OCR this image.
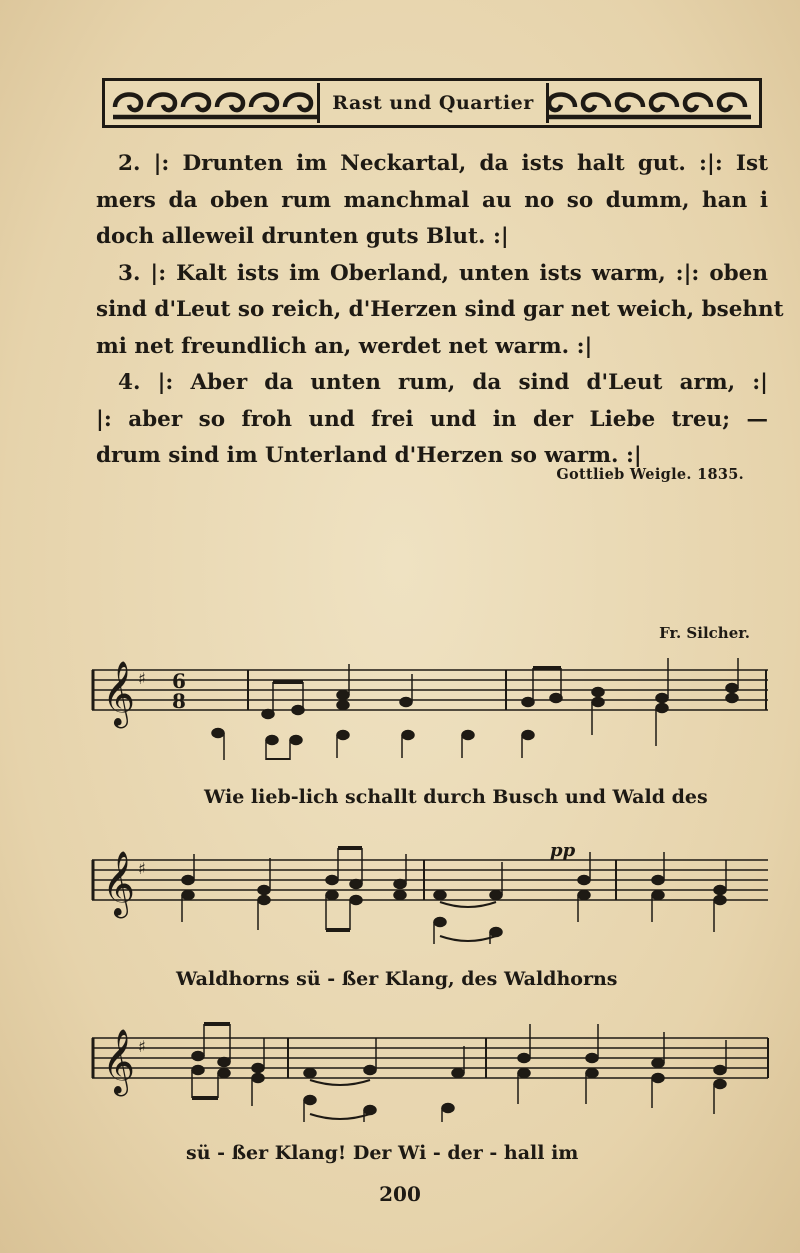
Rast und Quartier
2. |: Drunten im Neckartal, da ists halt gut. :|: Ist
mers da oben rum manchmal au no so dumm, han i
doch alleweil drunten guts Blut. :|
3. |: Kalt ists im Oberland, unten ists warm, :|: oben
sind d'Leut so reich, d'Herzen sind gar net weich, bsehnt
mi net freundlich an, werdet net warm. :|
4. |: Aber da unten rum, da sind d'Leut arm, :|
|: aber so froh und frei und in der Liebe treu; —
drum sind im Unterland d'Herzen so warm. :|
Gottlieb Weigle. 1835.
Fr. Silcher.
𝄞 ♯ 6
8
Wie lieb-lich schallt durch Busch und Wald des
𝄞 ♯
pp
Waldhorns sü - ßer Klang, des Waldhorns
𝄞 ♯
sü - ßer Klang! Der Wi - der - hall im
200
